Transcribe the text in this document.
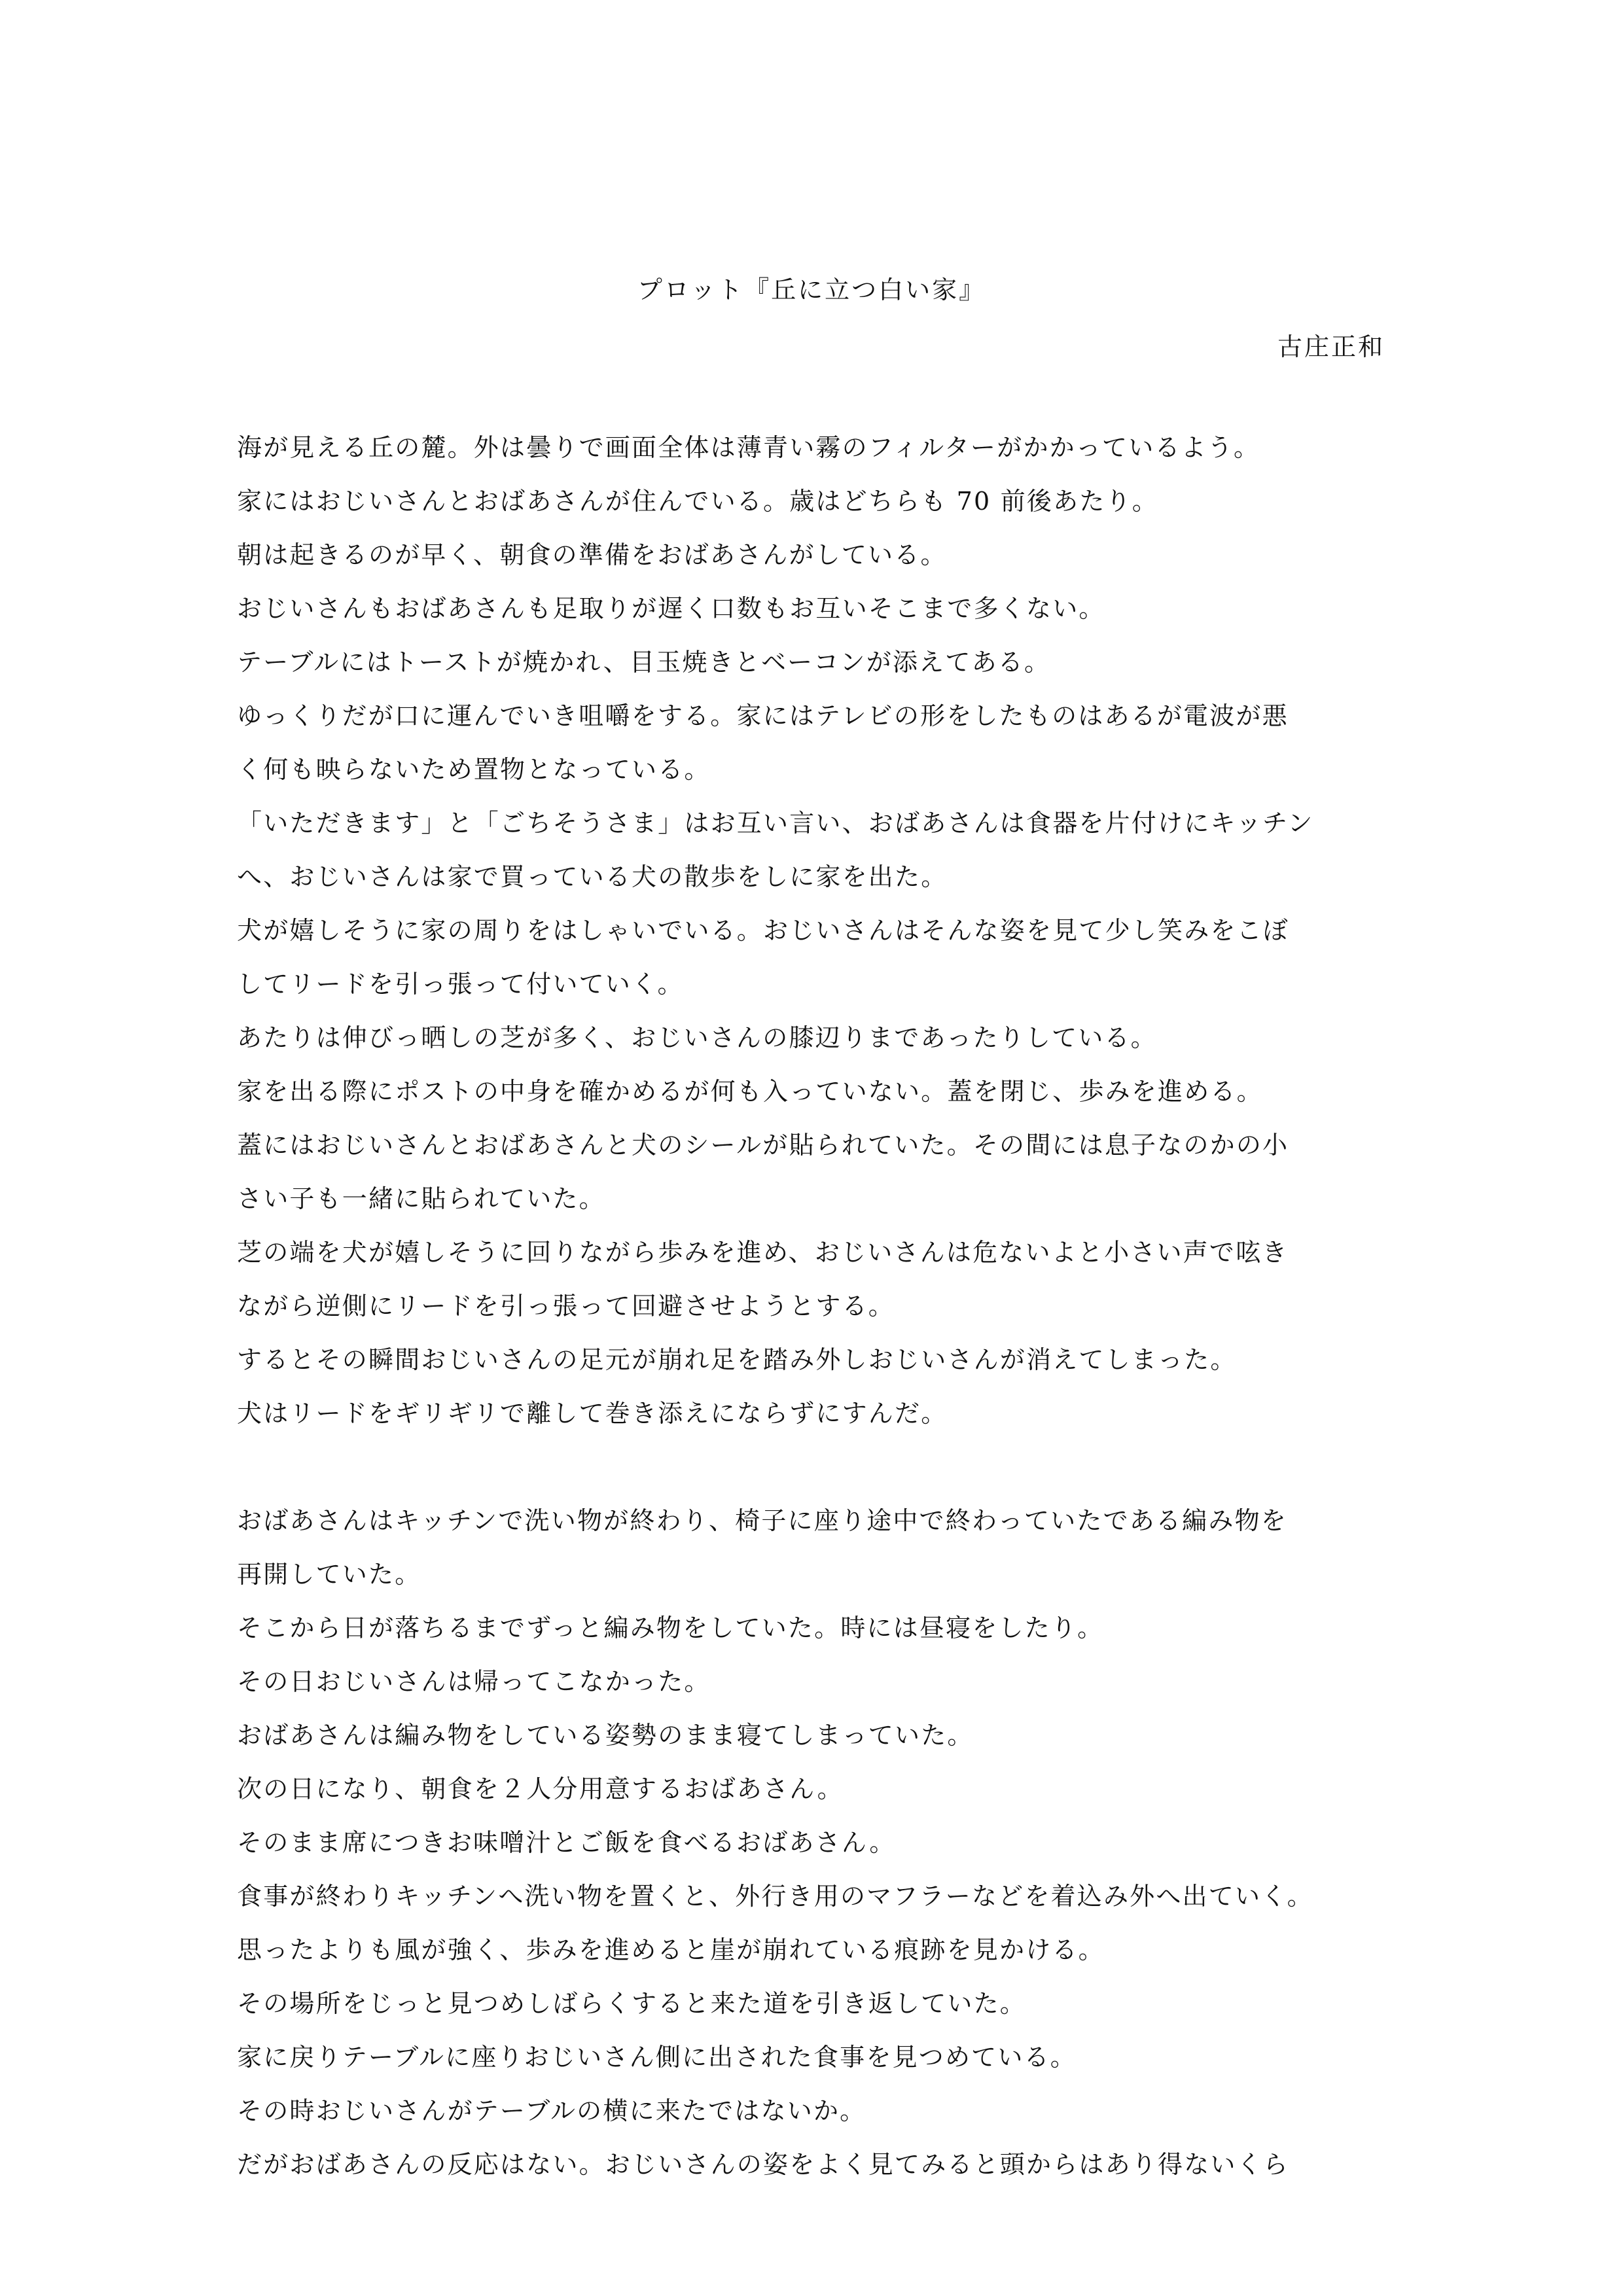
プロット『丘に立つ白い家』
古庄正和
海が見える丘の麓。外は曇りで画面全体は薄青い霧のフィルターがかかっているよう。
家にはおじいさんとおばあさんが住んでいる。歳はどちらも 70 前後あたり。
朝は起きるのが早く、朝食の準備をおばあさんがしている。
おじいさんもおばあさんも足取りが遅く口数もお互いそこまで多くない。
テーブルにはトーストが焼かれ、目玉焼きとベーコンが添えてある。
ゆっくりだが口に運んでいき咀嚼をする。家にはテレビの形をしたものはあるが電波が悪
く何も映らないため置物となっている。
「いただきます」と「ごちそうさま」はお互い言い、おばあさんは食器を片付けにキッチン
へ、おじいさんは家で買っている犬の散歩をしに家を出た。
犬が嬉しそうに家の周りをはしゃいでいる。おじいさんはそんな姿を見て少し笑みをこぼ
してリードを引っ張って付いていく。
あたりは伸びっ晒しの芝が多く、おじいさんの膝辺りまであったりしている。
家を出る際にポストの中身を確かめるが何も入っていない。蓋を閉じ、歩みを進める。
蓋にはおじいさんとおばあさんと犬のシールが貼られていた。その間には息子なのかの小
さい子も一緒に貼られていた。
芝の端を犬が嬉しそうに回りながら歩みを進め、おじいさんは危ないよと小さい声で呟き
ながら逆側にリードを引っ張って回避させようとする。
するとその瞬間おじいさんの足元が崩れ足を踏み外しおじいさんが消えてしまった。
犬はリードをギリギリで離して巻き添えにならずにすんだ。
おばあさんはキッチンで洗い物が終わり、椅子に座り途中で終わっていたである編み物を
再開していた。
そこから日が落ちるまでずっと編み物をしていた。時には昼寝をしたり。
その日おじいさんは帰ってこなかった。
おばあさんは編み物をしている姿勢のまま寝てしまっていた。
次の日になり、朝食を２人分用意するおばあさん。
そのまま席につきお味噌汁とご飯を食べるおばあさん。
食事が終わりキッチンへ洗い物を置くと、外行き用のマフラーなどを着込み外へ出ていく。
思ったよりも風が強く、歩みを進めると崖が崩れている痕跡を見かける。
その場所をじっと見つめしばらくすると来た道を引き返していた。
家に戻りテーブルに座りおじいさん側に出された食事を見つめている。
その時おじいさんがテーブルの横に来たではないか。
だがおばあさんの反応はない。おじいさんの姿をよく見てみると頭からはあり得ないくら
